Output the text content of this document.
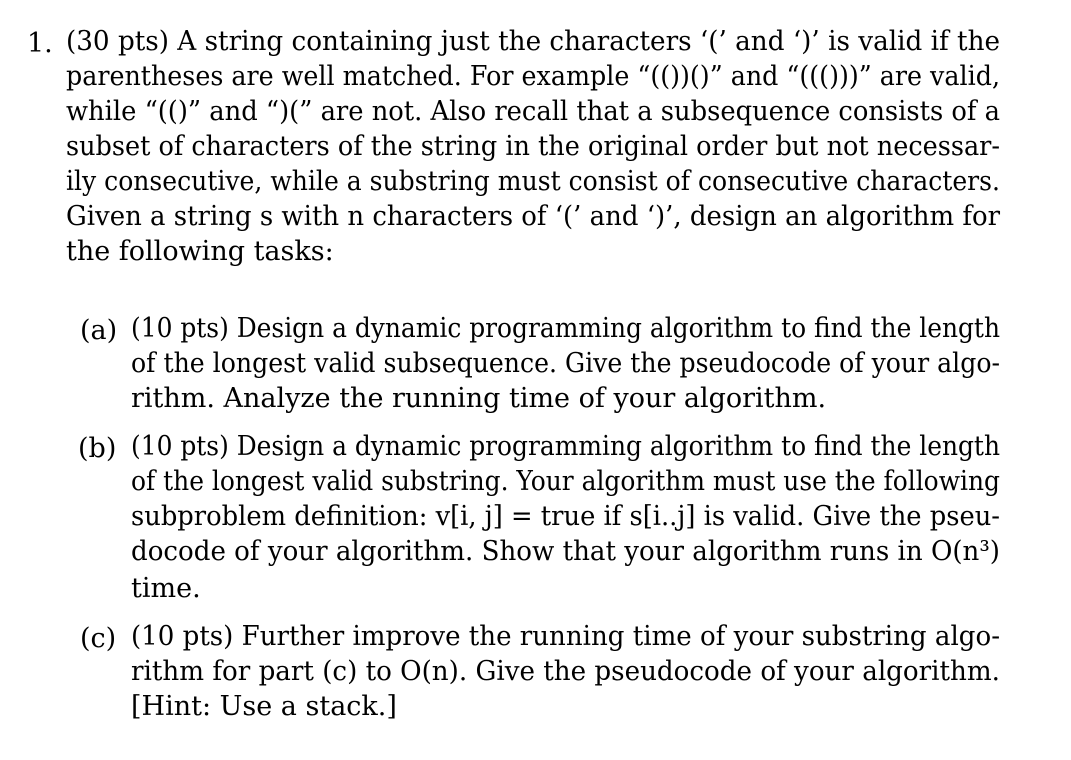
1. (30 pts) A string containing just the characters ‘(’ and ‘)’ is valid if the
parentheses are well matched. For example “(())()” and “((()))” are valid,
while “(()” and “)(” are not. Also recall that a subsequence consists of a
subset of characters of the string in the original order but not necessar-
ily consecutive, while a substring must consist of consecutive characters.
Given a string s with n characters of ‘(’ and ‘)’, design an algorithm for
the following tasks:
(a) (10 pts) Design a dynamic programming algorithm to find the length
of the longest valid subsequence. Give the pseudocode of your algo-
rithm. Analyze the running time of your algorithm.
(b) (10 pts) Design a dynamic programming algorithm to find the length
of the longest valid substring. Your algorithm must use the following
subproblem definition: v[i, j] = true if s[i..j] is valid. Give the pseu-
docode of your algorithm. Show that your algorithm runs in O(n³)
time.
(c) (10 pts) Further improve the running time of your substring algo-
rithm for part (c) to O(n). Give the pseudocode of your algorithm.
[Hint: Use a stack.]
